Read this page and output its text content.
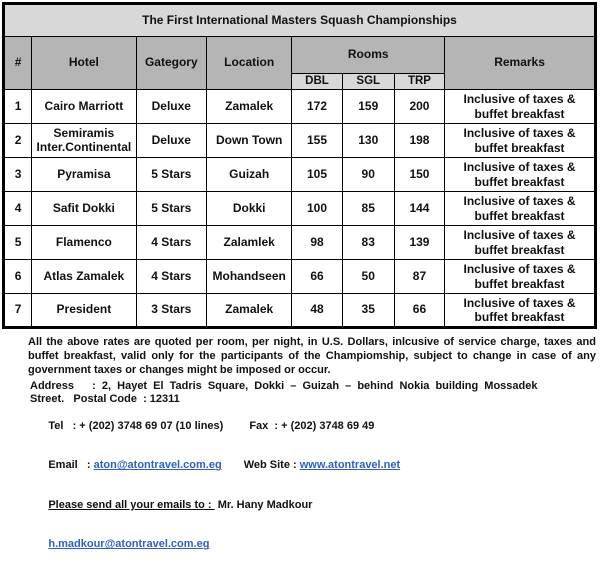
The First International Masters Squash Championships							
#	Hotel	Gategory	Location	Rooms			Remarks
				DBL	SGL	TRP	
1	Cairo Marriott	Deluxe	Zamalek	172	159	200	Inclusive of taxes & buffet breakfast
2	Semiramis Inter.Continental	Deluxe	Down Town	155	130	198	Inclusive of taxes & buffet breakfast
3	Pyramisa	5 Stars	Guizah	105	90	150	Inclusive of taxes & buffet breakfast
4	Safit Dokki	5 Stars	Dokki	100	85	144	Inclusive of taxes & buffet breakfast
5	Flamenco	4 Stars	Zalamlek	98	83	139	Inclusive of taxes & buffet breakfast
6	Atlas Zamalek	4 Stars	Mohandseen	66	50	87	Inclusive of taxes & buffet breakfast
7	President	3 Stars	Zamalek	48	35	66	Inclusive of taxes & buffet breakfast
All the above rates are quoted per room, per night, in U.S. Dollars, inlcusive of service charge, taxes and buffet breakfast, valid only for the participants of the Champiomship, subject to change in case of any government taxes or changes might be imposed or occur.
Address   : 2, Hayet El Tadris Square, Dokki – Guizah – behind Nokia building Mossadek
Street.   Postal Code  : 12311

Tel   : + (202) 3748 69 07 (10 lines) Fax  : + (202) 3748 69 49

Email   : aton@atontravel.com.eg Web Site : www.atontravel.net

Please send all your emails to :  Mr. Hany Madkour

h.madkour@atontravel.com.eg
